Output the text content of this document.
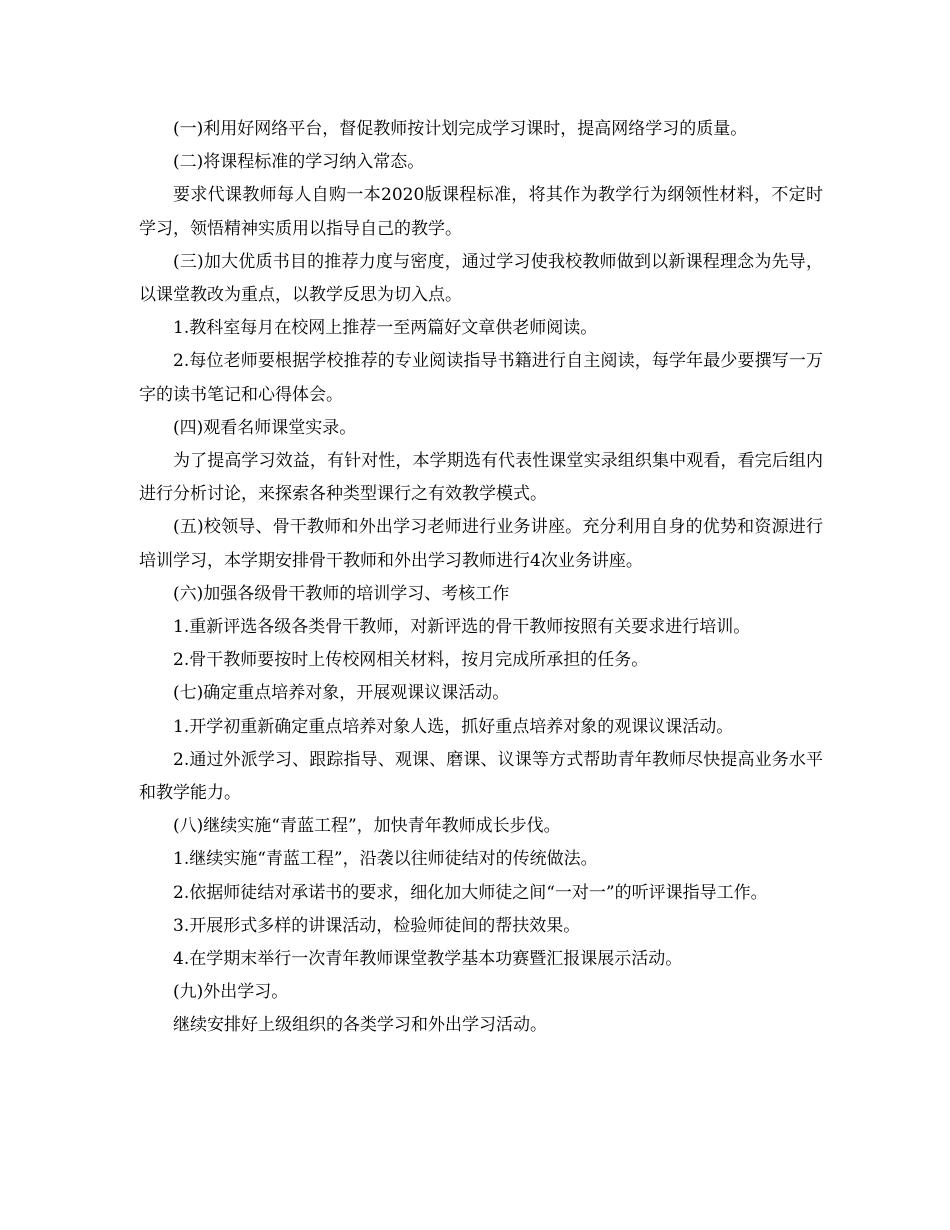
(一)利用好网络平台，督促教师按计划完成学习课时，提高网络学习的质量。

(二)将课程标准的学习纳入常态。

要求代课教师每人自购一本2020版课程标准，将其作为教学行为纲领性材料，不定时学习，领悟精神实质用以指导自己的教学。

(三)加大优质书目的推荐力度与密度，通过学习使我校教师做到以新课程理念为先导，以课堂教改为重点，以教学反思为切入点。

1.教科室每月在校网上推荐一至两篇好文章供老师阅读。

2.每位老师要根据学校推荐的专业阅读指导书籍进行自主阅读，每学年最少要撰写一万字的读书笔记和心得体会。

(四)观看名师课堂实录。

为了提高学习效益，有针对性，本学期选有代表性课堂实录组织集中观看，看完后组内进行分析讨论，来探索各种类型课行之有效教学模式。

(五)校领导、骨干教师和外出学习老师进行业务讲座。充分利用自身的优势和资源进行培训学习，本学期安排骨干教师和外出学习教师进行4次业务讲座。

(六)加强各级骨干教师的培训学习、考核工作

1.重新评选各级各类骨干教师，对新评选的骨干教师按照有关要求进行培训。

2.骨干教师要按时上传校网相关材料，按月完成所承担的任务。

(七)确定重点培养对象，开展观课议课活动。

1.开学初重新确定重点培养对象人选，抓好重点培养对象的观课议课活动。

2.通过外派学习、跟踪指导、观课、磨课、议课等方式帮助青年教师尽快提高业务水平和教学能力。

(八)继续实施“青蓝工程”，加快青年教师成长步伐。

1.继续实施“青蓝工程”，沿袭以往师徒结对的传统做法。

2.依据师徒结对承诺书的要求，细化加大师徒之间“一对一”的听评课指导工作。

3.开展形式多样的讲课活动，检验师徒间的帮扶效果。

4.在学期末举行一次青年教师课堂教学基本功赛暨汇报课展示活动。

(九)外出学习。

继续安排好上级组织的各类学习和外出学习活动。
